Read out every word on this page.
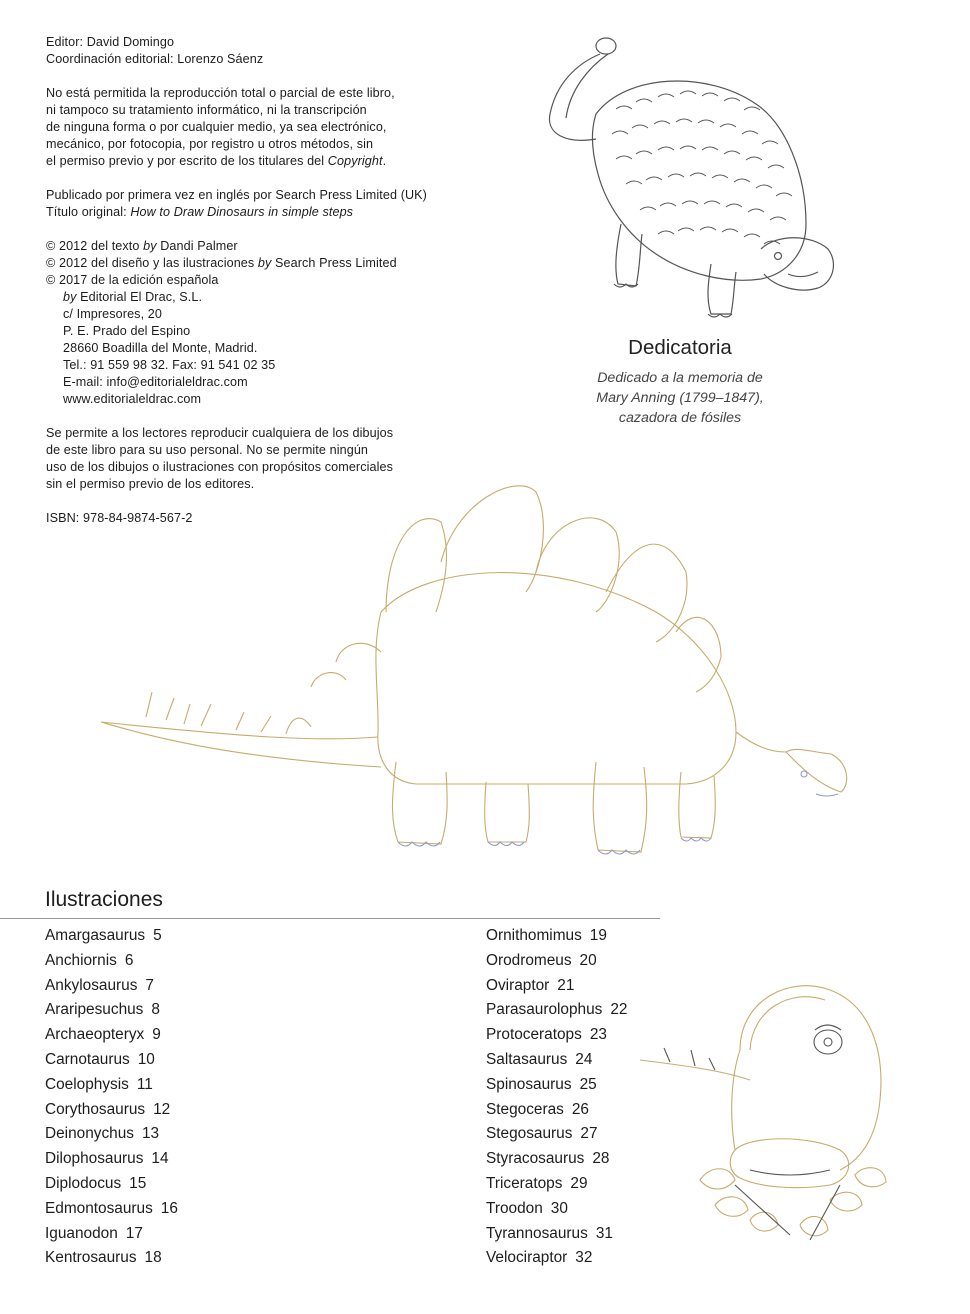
Editor: David Domingo

Coordinación editorial: Lorenzo Sáenz

No está permitida la reproducción total o parcial de este libro,

ni tampoco su tratamiento informático, ni la transcripción

de ninguna forma o por cualquier medio, ya sea electrónico,

mecánico, por fotocopia, por registro u otros métodos, sin

el permiso previo y por escrito de los titulares del Copyright.

Publicado por primera vez en inglés por Search Press Limited (UK)

Título original: How to Draw Dinosaurs in simple steps

© 2012 del texto by Dandi Palmer

© 2012 del diseño y las ilustraciones by Search Press Limited

© 2017 de la edición española

by Editorial El Drac, S.L.

c/ Impresores, 20

P. E. Prado del Espino

28660 Boadilla del Monte, Madrid.

Tel.: 91 559 98 32. Fax: 91 541 02 35

E-mail: info@editorialeldrac.com

www.editorialeldrac.com

Se permite a los lectores reproducir cualquiera de los dibujos

de este libro para su uso personal. No se permite ningún

uso de los dibujos o ilustraciones con propósitos comerciales

sin el permiso previo de los editores.

ISBN: 978-84-9874-567-2

Dedicatoria

Dedicado a la memoria de

Mary Anning (1799–1847),

cazadora de fósiles

Ilustraciones
Amargasaurus 5
Anchiornis 6
Ankylosaurus 7
Araripesuchus 8
Archaeopteryx 9
Carnotaurus 10
Coelophysis 11
Corythosaurus 12
Deinonychus 13
Dilophosaurus 14
Diplodocus 15
Edmontosaurus 16
Iguanodon 17
Kentrosaurus 18
Ornithomimus 19
Orodromeus 20
Oviraptor 21
Parasaurolophus 22
Protoceratops 23
Saltasaurus 24
Spinosaurus 25
Stegoceras 26
Stegosaurus 27
Styracosaurus 28
Triceratops 29
Troodon 30
Tyrannosaurus 31
Velociraptor 32
